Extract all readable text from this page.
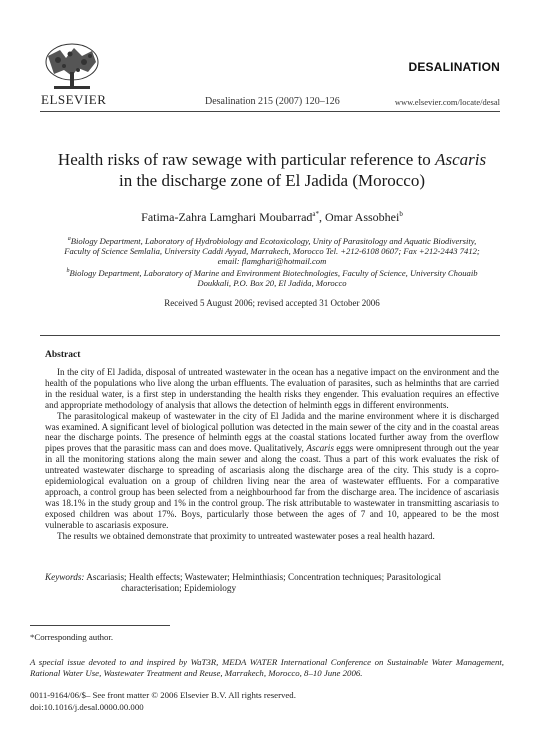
ELSEVIER	Desalination 215 (2007) 120–126
DESALINATION
www.elsevier.com/locate/desal
Health risks of raw sewage with particular reference to Ascaris
in the discharge zone of El Jadida (Morocco)
Fatima-Zahra Lamghari Moubarrad$^{a*}$, Omar Assobhei$^b$
$^a$Biology Department, Laboratory of Hydrobiology and Ecotoxicology, Unity of Parasitology and Aquatic Biodiversity, Faculty of Science Semlalia, University Caddi Ayyad, Marrakech, Morocco Tel. +212-6108 0607; Fax +212-2443 7412; email: flamghari@hotmail.com
$^b$Biology Department, Laboratory of Marine and Environment Biotechnologies, Faculty of Science, University Chouaib Doukkali, P.O. Box 20, El Jadida, Morocco
Received 5 August 2006; revised accepted 31 October 2006
Abstract

In the city of El Jadida, disposal of untreated wastewater in the ocean has a negative impact on the environment and the health of the populations who live along the urban effluents. The evaluation of parasites, such as helminths that are carried in the residual water, is a first step in understanding the health risks they engender. This evaluation requires an effective and appropriate methodology of analysis that allows the detection of helminth eggs in different environments.

The parasitological makeup of wastewater in the city of El Jadida and the marine environment where it is discharged was examined. A significant level of biological pollution was detected in the main sewer of the city and in the coastal areas near the discharge points. The presence of helminth eggs at the coastal stations located further away from the overflow pipes proves that the parasitic mass can and does move. Qualitatively, Ascaris eggs were omnipresent through out the year in all the monitoring stations along the main sewer and along the coast. Thus a part of this work evaluates the risk of untreated wastewater discharge to spreading of ascariasis along the discharge area of the city. This study is a copro-epidemiological evaluation on a group of children living near the area of wastewater effluents. For a comparative approach, a control group has been selected from a neighbourhood far from the discharge area. The incidence of ascariasis was 18.1% in the study group and 1% in the control group. The risk attributable to wastewater in transmitting ascariasis to exposed children was about 17%. Boys, particularly those between the ages of 7 and 10, appeared to be the most vulnerable to ascariasis exposure.

The results we obtained demonstrate that proximity to untreated wastewater poses a real health hazard.

Keywords: Ascariasis; Health effects; Wastewater; Helminthiasis; Concentration techniques; Parasitological
characterisation; Epidemiology
*Corresponding author.
A special issue devoted to and inspired by WaT3R, MEDA WATER International Conference on Sustainable Water Management, Rational Water Use, Wastewater Treatment and Reuse, Marrakech, Morocco, 8–10 June 2006.
0011-9164/06/$– See front matter © 2006 Elsevier B.V. All rights reserved.
doi:10.1016/j.desal.0000.00.000
